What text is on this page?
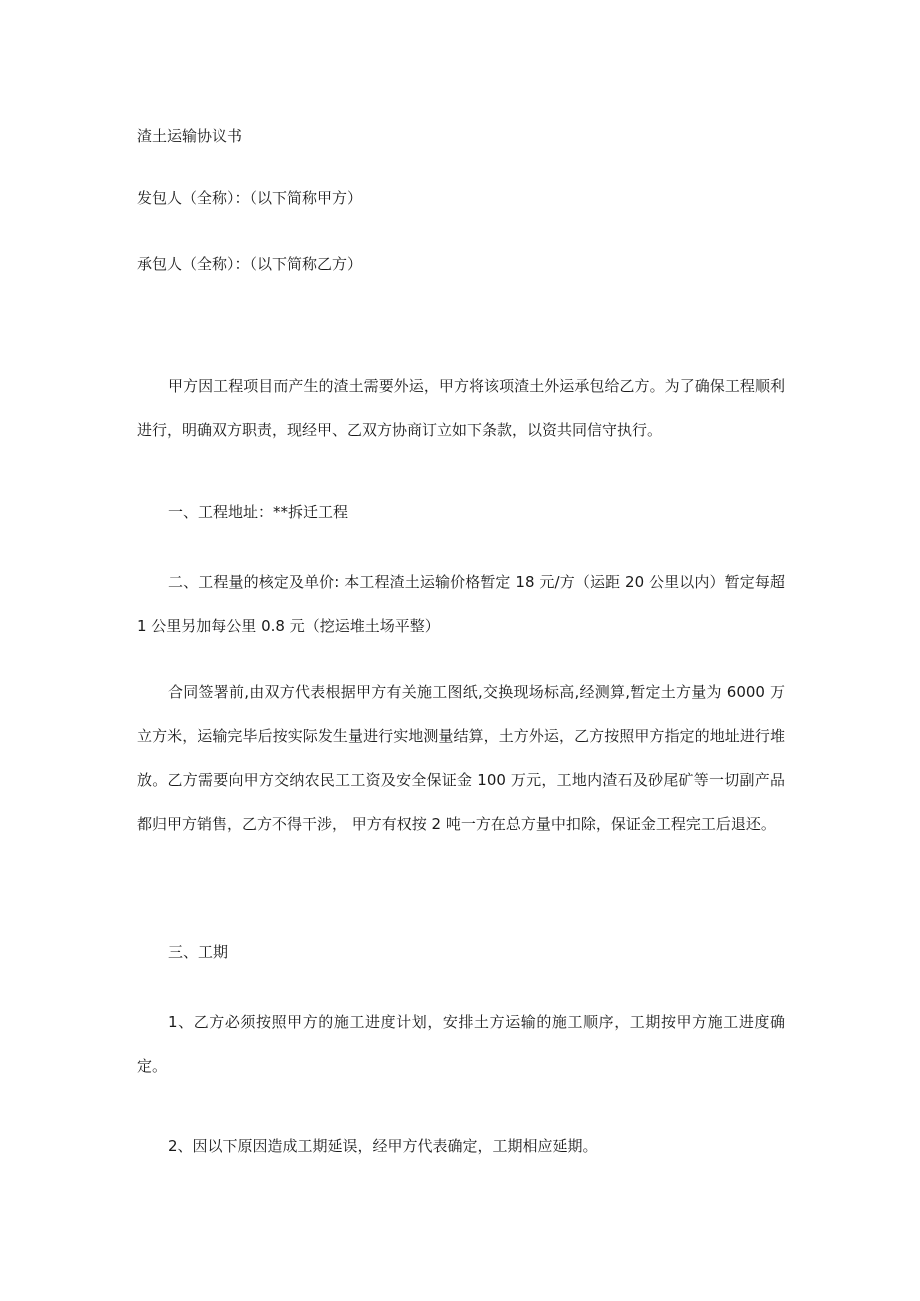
渣土运输协议书
发包人（全称）：（以下简称甲方）
承包人（全称）：（以下简称乙方）
甲方因工程项目而产生的渣土需要外运，甲方将该项渣土外运承包给乙方。为了确保工程顺利进行，明确双方职责，现经甲、乙双方协商订立如下条款，以资共同信守执行。
一、工程地址：**拆迁工程
二、工程量的核定及单价: 本工程渣土运输价格暂定 18 元/方（运距 20 公里以内）暂定每超 1 公里另加每公里 0.8 元（挖运堆土场平整）
合同签署前,由双方代表根据甲方有关施工图纸,交换现场标高,经测算,暂定土方量为 6000 万立方米，运输完毕后按实际发生量进行实地测量结算，土方外运，乙方按照甲方指定的地址进行堆放。乙方需要向甲方交纳农民工工资及安全保证金 100 万元，工地内渣石及砂尾矿等一切副产品都归甲方销售，乙方不得干涉， 甲方有权按 2 吨一方在总方量中扣除，保证金工程完工后退还。
三、工期
1、乙方必须按照甲方的施工进度计划，安排土方运输的施工顺序，工期按甲方施工进度确定。
2、因以下原因造成工期延误，经甲方代表确定，工期相应延期。
